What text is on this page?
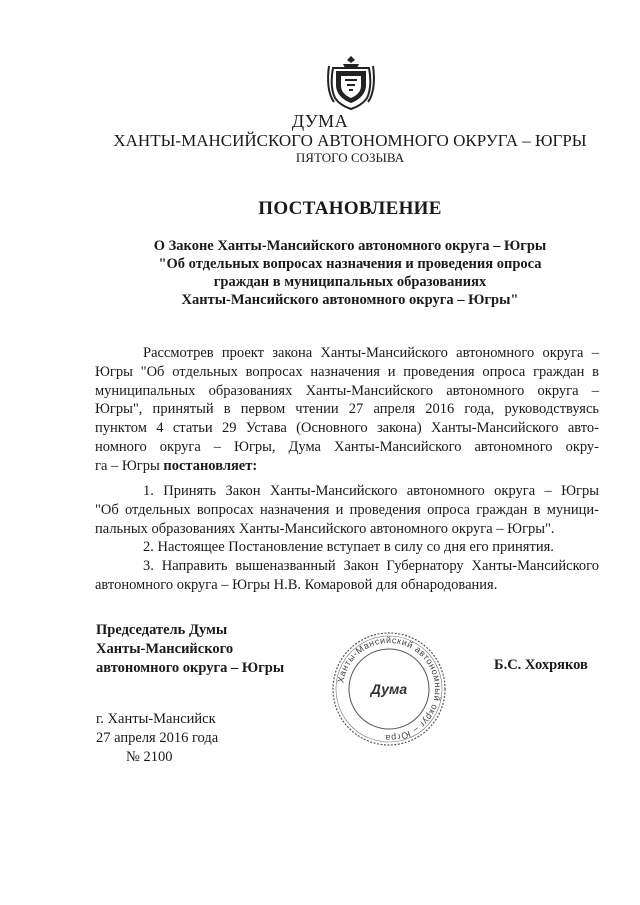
ДУМА
ХАНТЫ-МАНСИЙСКОГО АВТОНОМНОГО ОКРУГА – ЮГРЫ
ПЯТОГО СОЗЫВА
ПОСТАНОВЛЕНИЕ
О Законе Ханты-Мансийского автономного округа – Югры
"Об отдельных вопросах назначения и проведения опроса
граждан в муниципальных образованиях
Ханты-Мансийского автономного округа – Югры"
Рассмотрев проект закона Ханты-Мансийского автономного округа –
Югры "Об отдельных вопросах назначения и проведения опроса граждан в
муниципальных образованиях Ханты-Мансийского автономного округа –
Югры", принятый в первом чтении 27 апреля 2016 года, руководствуясь
пунктом 4 статьи 29 Устава (Основного закона) Ханты-Мансийского авто-
номного округа – Югры, Дума Ханты-Мансийского автономного окру-
га – Югры постановляет:
1. Принять Закон Ханты-Мансийского автономного округа – Югры
"Об отдельных вопросах назначения и проведения опроса граждан в муници-
пальных образованиях Ханты-Мансийского автономного округа – Югры".
2. Настоящее Постановление вступает в силу со дня его принятия.
3. Направить вышеназванный Закон Губернатору Ханты-Мансийского
автономного округа – Югры Н.В. Комаровой для обнародования.
Председатель Думы
Ханты-Мансийского
автономного округа – Югры
Ханты-Мансийский автономный округ – Югра
Дума
Б.С. Хохряков
г. Ханты-Мансийск
27 апреля 2016 года
№ 2100
